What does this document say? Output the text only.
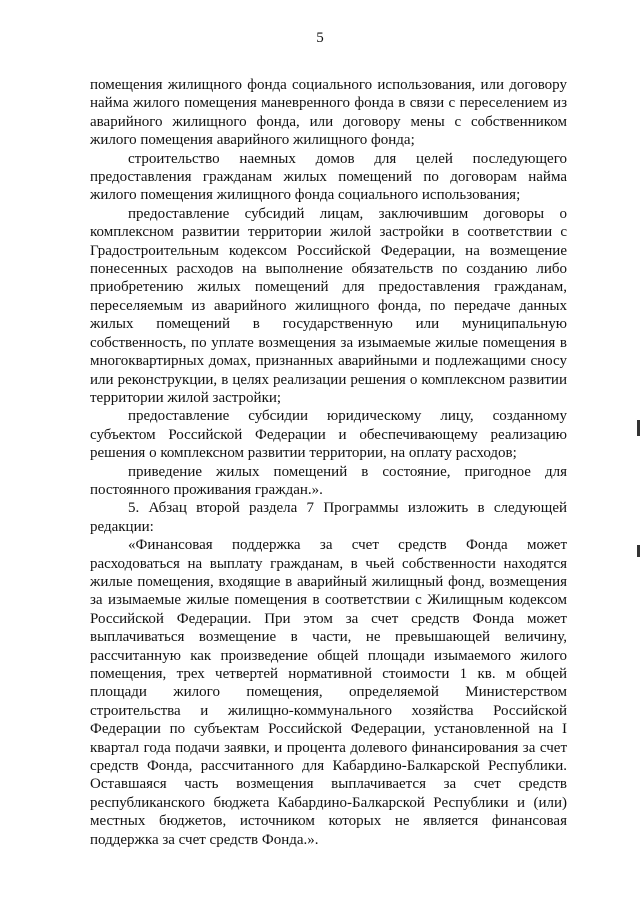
5

помещения жилищного фонда социального использования, или договору найма жилого помещения маневренного фонда в связи с переселением из аварийного жилищного фонда, или договору мены с собственником жилого помещения аварийного жилищного фонда;

строительство наемных домов для целей последующего предоставления гражданам жилых помещений по договорам найма жилого помещения жилищного фонда социального использования;

предоставление субсидий лицам, заключившим договоры о комплексном развитии территории жилой застройки в соответствии с Градостроительным кодексом Российской Федерации, на возмещение понесенных расходов на выполнение обязательств по созданию либо приобретению жилых помещений для предоставления гражданам, переселяемым из аварийного жилищного фонда, по передаче данных жилых помещений в государственную или муниципальную собственность, по уплате возмещения за изымаемые жилые помещения в многоквартирных домах, признанных аварийными и подлежащими сносу или реконструкции, в целях реализации решения о комплексном развитии территории жилой застройки;

предоставление субсидии юридическому лицу, созданному субъектом Российской Федерации и обеспечивающему реализацию решения о комплексном развитии территории, на оплату расходов;

приведение жилых помещений в состояние, пригодное для постоянного проживания граждан.».

5. Абзац второй раздела 7 Программы изложить в следующей редакции:

«Финансовая поддержка за счет средств Фонда может расходоваться на выплату гражданам, в чьей собственности находятся жилые помещения, входящие в аварийный жилищный фонд, возмещения за изымаемые жилые помещения в соответствии с Жилищным кодексом Российской Федерации. При этом за счет средств Фонда может выплачиваться возмещение в части, не превышающей величину, рассчитанную как произведение общей площади изымаемого жилого помещения, трех четвертей нормативной стоимости 1 кв. м общей площади жилого помещения, определяемой Министерством строительства и жилищно-коммунального хозяйства Российской Федерации по субъектам Российской Федерации, установленной на I квартал года подачи заявки, и процента долевого финансирования за счет средств Фонда, рассчитанного для Кабардино-Балкарской Республики. Оставшаяся часть возмещения выплачивается за счет средств республиканского бюджета Кабардино-Балкарской Республики и (или) местных бюджетов, источником которых не является финансовая поддержка за счет средств Фонда.».
